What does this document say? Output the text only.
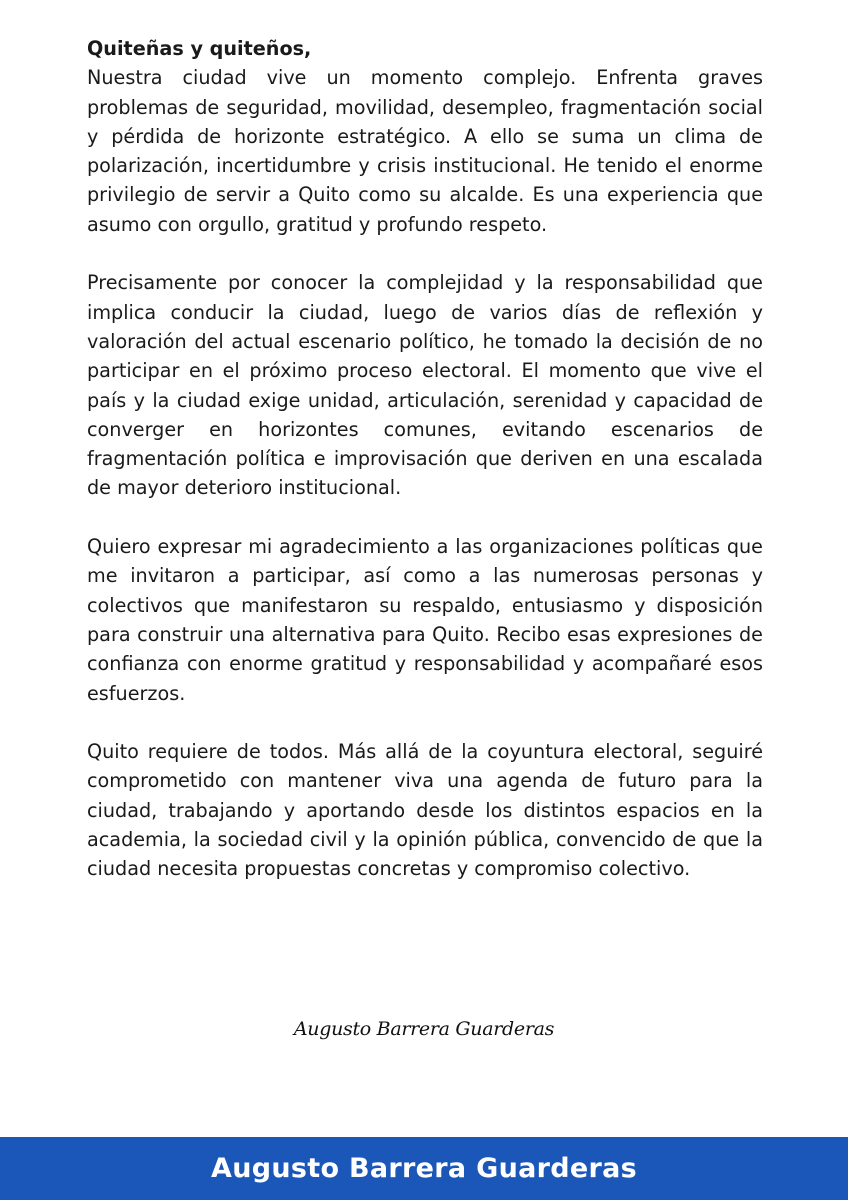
Quiteñas y quiteños,

Nuestra ciudad vive un momento complejo. Enfrenta graves problemas de seguridad, movilidad, desempleo, fragmentación social y pérdida de horizonte estratégico. A ello se suma un clima de polarización, incertidumbre y crisis institucional. He tenido el enorme privilegio de servir a Quito como su alcalde. Es una experiencia que asumo con orgullo, gratitud y profundo respeto.

Precisamente por conocer la complejidad y la responsabilidad que implica conducir la ciudad, luego de varios días de reflexión y valoración del actual escenario político, he tomado la decisión de no participar en el próximo proceso electoral. El momento que vive el país y la ciudad exige unidad, articulación, serenidad y capacidad de converger en horizontes comunes, evitando escenarios de fragmentación política e improvisación que deriven en una escalada de mayor deterioro institucional.

Quiero expresar mi agradecimiento a las organizaciones políticas que me invitaron a participar, así como a las numerosas personas y colectivos que manifestaron su respaldo, entusiasmo y disposición para construir una alternativa para Quito. Recibo esas expresiones de confianza con enorme gratitud y responsabilidad y acompañaré esos esfuerzos.

Quito requiere de todos. Más allá de la coyuntura electoral, seguiré comprometido con mantener viva una agenda de futuro para la ciudad, trabajando y aportando desde los distintos espacios en la academia, la sociedad civil y la opinión pública, convencido de que la ciudad necesita propuestas concretas y compromiso colectivo.

Augusto Barrera Guarderas
Augusto Barrera Guarderas
